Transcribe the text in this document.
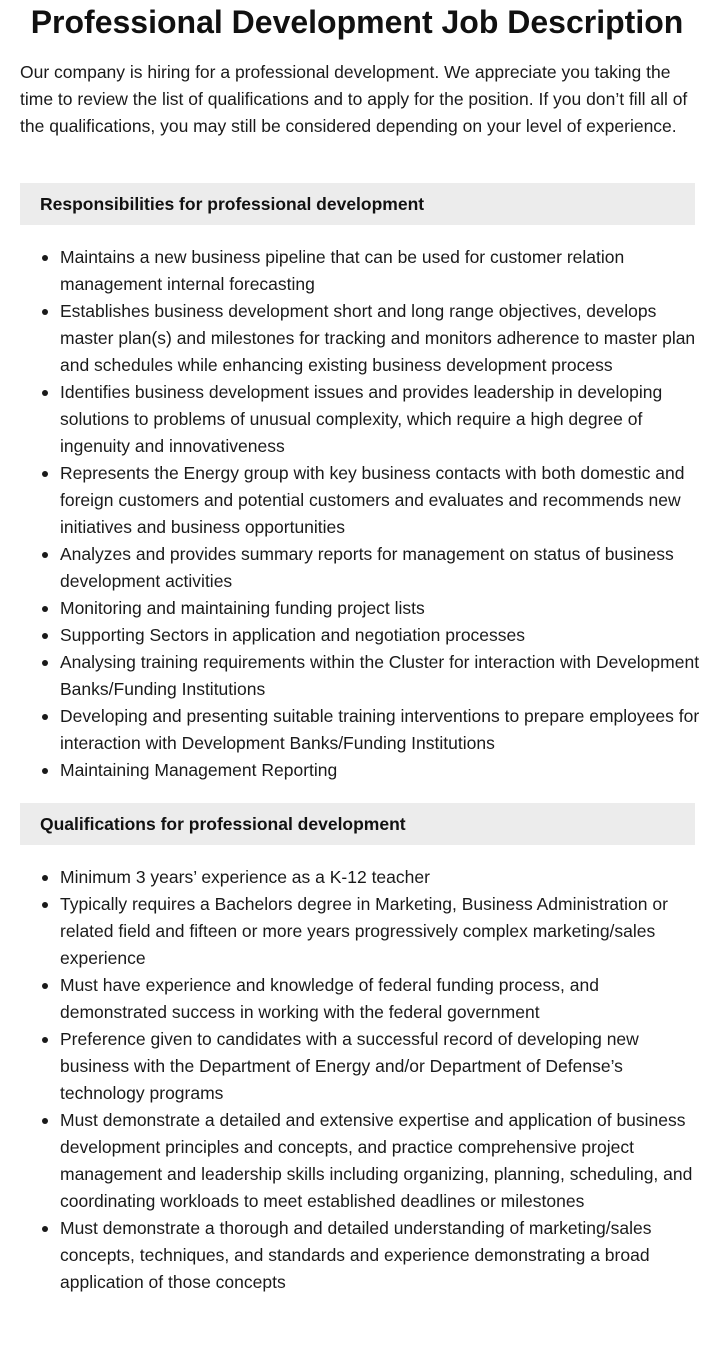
Professional Development Job Description

Our company is hiring for a professional development. We appreciate you taking the time to review the list of qualifications and to apply for the position. If you don’t fill all of the qualifications, you may still be considered depending on your level of experience.

Responsibilities for professional development
Maintains a new business pipeline that can be used for customer relation management internal forecasting
Establishes business development short and long range objectives, develops master plan(s) and milestones for tracking and monitors adherence to master plan and schedules while enhancing existing business development process
Identifies business development issues and provides leadership in developing solutions to problems of unusual complexity, which require a high degree of ingenuity and innovativeness
Represents the Energy group with key business contacts with both domestic and foreign customers and potential customers and evaluates and recommends new initiatives and business opportunities
Analyzes and provides summary reports for management on status of business development activities
Monitoring and maintaining funding project lists
Supporting Sectors in application and negotiation processes
Analysing training requirements within the Cluster for interaction with Development Banks/Funding Institutions
Developing and presenting suitable training interventions to prepare employees for interaction with Development Banks/Funding Institutions
Maintaining Management Reporting
Qualifications for professional development
Minimum 3 years’ experience as a K-12 teacher
Typically requires a Bachelors degree in Marketing, Business Administration or related field and fifteen or more years progressively complex marketing/sales experience
Must have experience and knowledge of federal funding process, and demonstrated success in working with the federal government
Preference given to candidates with a successful record of developing new business with the Department of Energy and/or Department of Defense’s technology programs
Must demonstrate a detailed and extensive expertise and application of business development principles and concepts, and practice comprehensive project management and leadership skills including organizing, planning, scheduling, and coordinating workloads to meet established deadlines or milestones
Must demonstrate a thorough and detailed understanding of marketing/sales concepts, techniques, and standards and experience demonstrating a broad application of those concepts
